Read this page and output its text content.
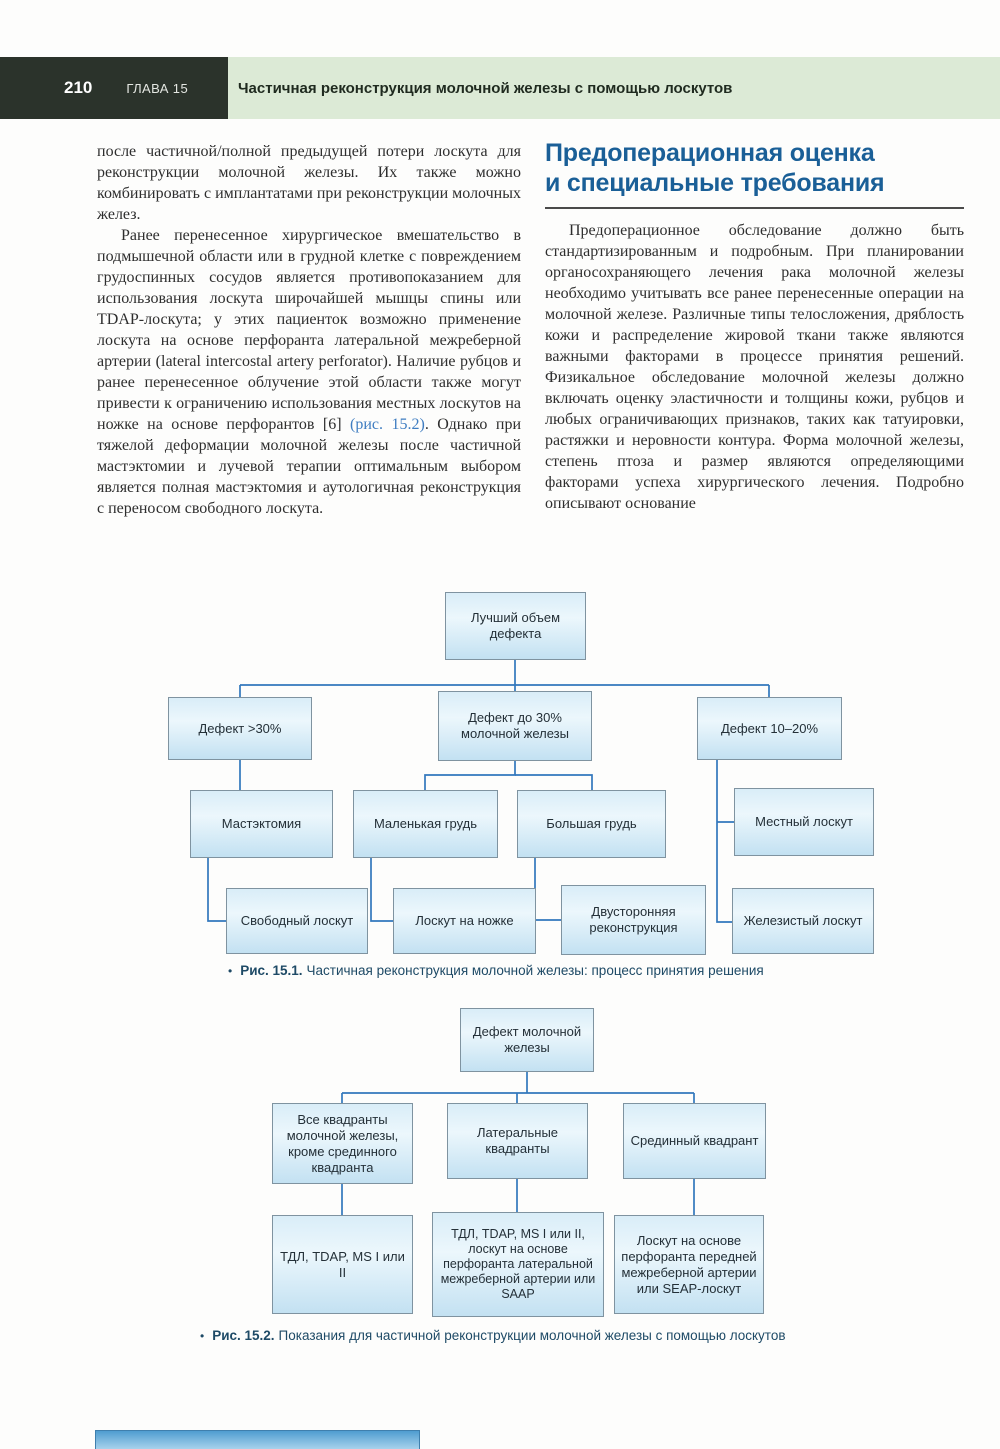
210	ГЛАВА 15	Частичная реконструкция молочной железы с помощью лоскутов

после частичной/полной предыдущей потери лоскута для реконструкции молочной железы. Их также можно комбинировать с имплантатами при реконструкции молочных желез.

Ранее перенесенное хирургическое вмешательство в подмышечной области или в грудной клетке с повреждением грудоспинных сосудов является противопоказанием для использования лоскута широчайшей мышцы спины или TDAP-лоскута; у этих пациенток возможно применение лоскута на основе перфоранта латеральной межреберной артерии (lateral intercostal artery perforator). Наличие рубцов и ранее перенесенное облучение этой области также могут привести к ограничению использования местных лоскутов на ножке на основе перфорантов [6] (рис. 15.2). Однако при тяжелой деформации молочной железы после частичной мастэктомии и лучевой терапии оптимальным выбором является полная мастэктомия и аутологичная реконструкция с переносом свободного лоскута.

Предоперационная оценка
и специальные требования

Предоперационное обследование должно быть стандартизированным и подробным. При планировании органосохраняющего лечения рака молочной железы необходимо учитывать все ранее перенесенные операции на молочной железе. Различные типы телосложения, дряблость кожи и распределение жировой ткани также являются важными факторами в процессе принятия решений. Физикальное обследование молочной железы должно включать оценку эластичности и толщины кожи, рубцов и любых ограничивающих признаков, таких как татуировки, растяжки и неровности контура. Форма молочной железы, степень птоза и размер являются определяющими факторами успеха хирургического лечения. Подробно описывают основание

Лучший объем дефекта
Дефект >30%
Дефект до 30% молочной железы	Дефект 10–20%
Мастэктомия	Маленькая грудь	Большая грудь	Местный лоскут
Свободный лоскут	Лоскут на ножке
Двусторонняя реконструкция	Железистый лоскут
• Рис. 15.1. Частичная реконструкция молочной железы: процесс принятия решения
Дефект молочной железы
Все квадранты молочной железы, кроме срединного квадранта
Латеральные квадранты
Срединный квадрант
ТДЛ, TDAP, MS I или II
ТДЛ, TDAP, MS I или II, лоскут на основе перфоранта латеральной межреберной артерии или SAAP
Лоскут на основе перфоранта передней межреберной артерии или SEAP-лоскут
• Рис. 15.2. Показания для частичной реконструкции молочной железы с помощью лоскутов
